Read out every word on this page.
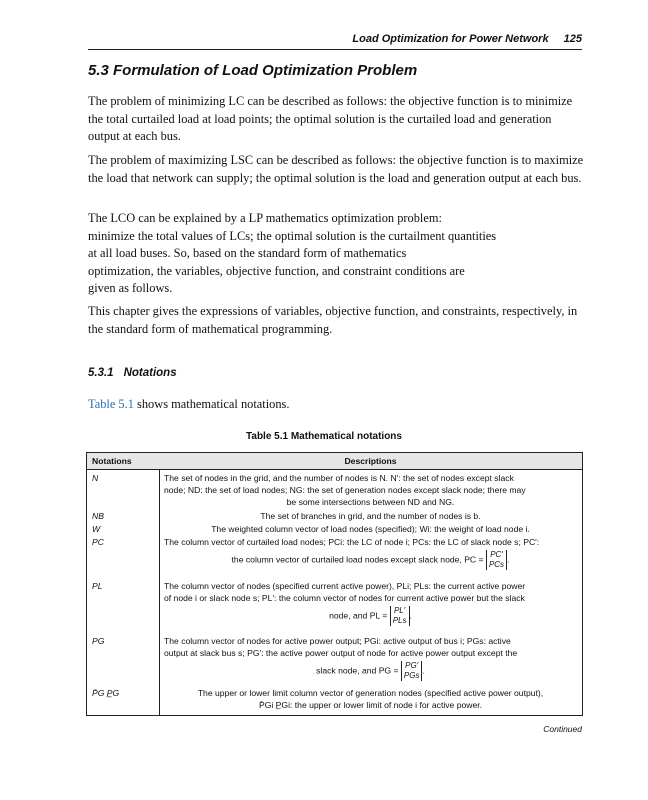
Load Optimization for Power Network 125
5.3 Formulation of Load Optimization Problem

The problem of minimizing LC can be described as follows: the objective function is to minimize the total curtailed load at load points; the optimal solution is the curtailed load and generation output at each bus.

The problem of maximizing LSC can be described as follows: the objective function is to maximize the load that network can supply; the optimal solution is the load and generation output at each bus.

The LCO can be explained by a LP mathematics optimization problem:
minimize the total values of LCs; the optimal solution is the curtailment quantities
at all load buses. So, based on the standard form of mathematics
optimization, the variables, objective function, and constraint conditions are
given as follows.

This chapter gives the expressions of variables, objective function, and constraints, respectively, in the standard form of mathematical programming.

5.3.1 Notations
Table 5.1 shows mathematical notations.
Table 5.1 Mathematical notations
Notations	Descriptions
N	The set of nodes in the grid, and the number of nodes is N. N′: the set of nodes except slack
node; ND: the set of load nodes; NG: the set of generation nodes except slack node; there may
be some intersections between ND and NG.
NB	The set of branches in grid, and the number of nodes is b.
W	The weighted column vector of load nodes (specified); Wi: the weight of load node i.
PC	The column vector of curtailed load nodes; PCi: the LC of node i; PCs: the LC of slack node s; PC′:
the column vector of curtailed load nodes except slack node, PC = PC′
PCs
.
PL	The column vector of nodes (specified current active power), PLi; PLs: the current active power
of node i or slack node s; PL′: the column vector of nodes for current active power but the slack
node, and PL = PL′
PLs
.
PG	The column vector of nodes for active power output; PGi: active output of bus i; PGs: active
output at slack bus s; PG′: the active power output of node for active power output except the
slack node, and PG = PG′
PGs
.
P̄G P̲G	The upper or lower limit column vector of generation nodes (specified active power output),
P̄Gi P̲Gi: the upper or lower limit of node i for active power.
Continued
